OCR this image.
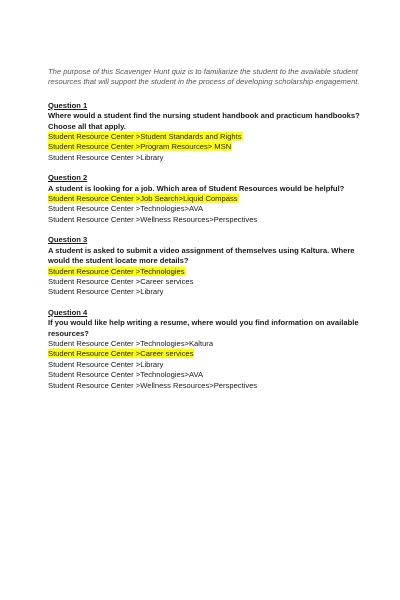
The purpose of this Scavenger Hunt quiz is to familiarize the student to the available student resources that will support the student in the process of developing scholarship engagement.

Question 1

Where would a student find the nursing student handbook and practicum handbooks? Choose all that apply.

Student Resource Center >Student Standards and Rights
Student Resource Center >Program Resources> MSN
Student Resource Center >Library

Question 2

A student is looking for a job. Which area of Student Resources would be helpful?

Student Resource Center >Job Search>Liquid Compass
Student Resource Center >Technologies>AVA
Student Resource Center >Wellness Resources>Perspectives

Question 3

A student is asked to submit a video assignment of themselves using Kaltura. Where would the student locate more details?

Student Resource Center >Technologies
Student Resource Center >Career services
Student Resource Center >Library

Question 4

If you would like help writing a resume, where would you find information on available resources?

Student Resource Center >Technologies>Kaltura
Student Resource Center >Career services
Student Resource Center >Library
Student Resource Center >Technologies>AVA
Student Resource Center >Wellness Resources>Perspectives
